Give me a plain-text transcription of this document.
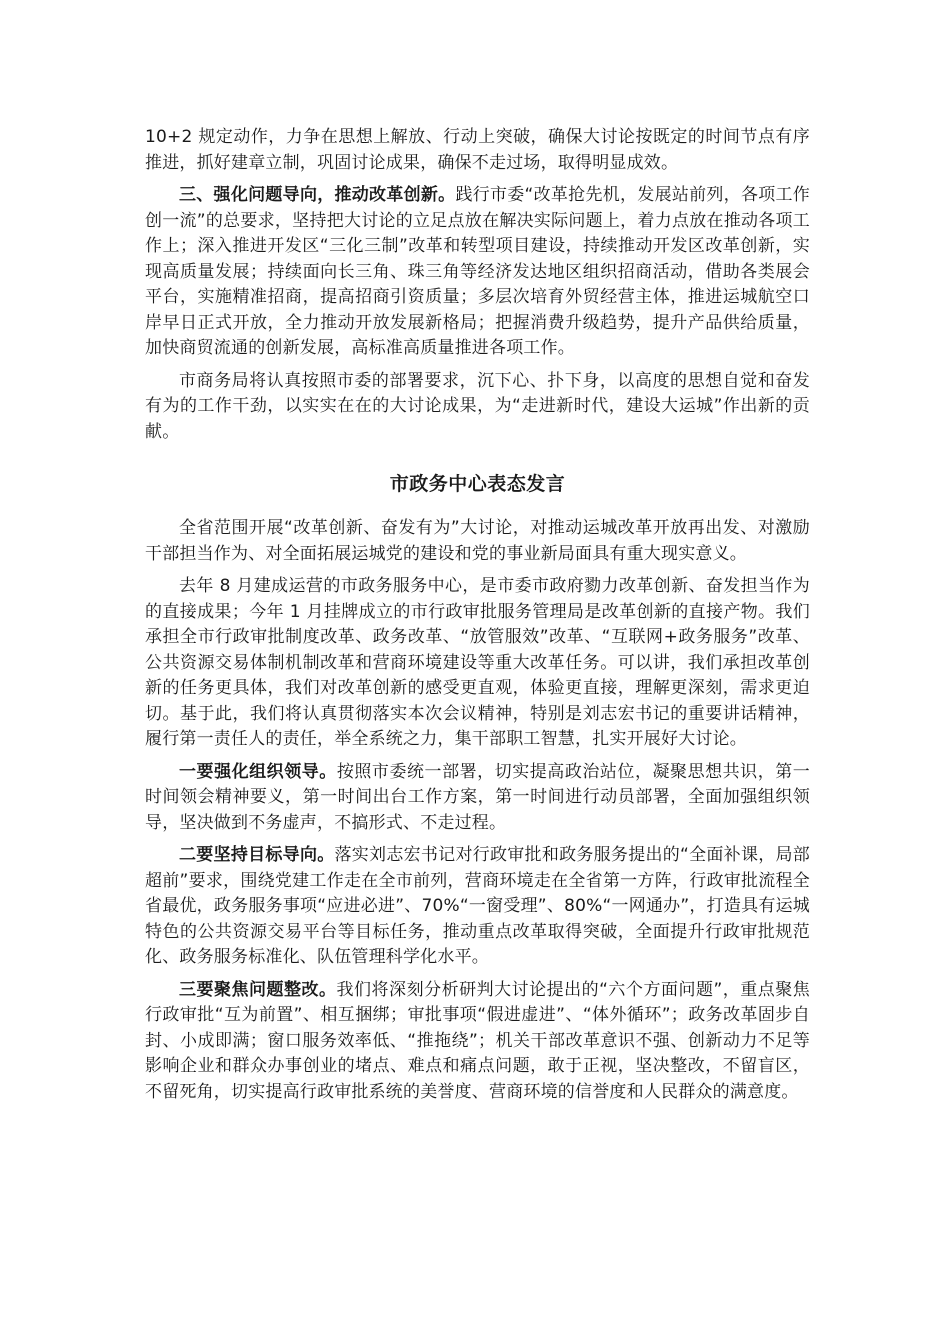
10+2 规定动作，力争在思想上解放、行动上突破，确保大讨论按既定的时间节点有序推进，抓好建章立制，巩固讨论成果，确保不走过场，取得明显成效。

三、强化问题导向，推动改革创新。践行市委“改革抢先机，发展站前列，各项工作创一流”的总要求，坚持把大讨论的立足点放在解决实际问题上，着力点放在推动各项工作上；深入推进开发区“三化三制”改革和转型项目建设，持续推动开发区改革创新，实现高质量发展；持续面向长三角、珠三角等经济发达地区组织招商活动，借助各类展会平台，实施精准招商，提高招商引资质量；多层次培育外贸经营主体，推进运城航空口岸早日正式开放，全力推动开放发展新格局；把握消费升级趋势，提升产品供给质量，加快商贸流通的创新发展，高标准高质量推进各项工作。

市商务局将认真按照市委的部署要求，沉下心、扑下身，以高度的思想自觉和奋发有为的工作干劲，以实实在在的大讨论成果，为“走进新时代，建设大运城”作出新的贡献。

市政务中心表态发言

全省范围开展“改革创新、奋发有为”大讨论，对推动运城改革开放再出发、对激励干部担当作为、对全面拓展运城党的建设和党的事业新局面具有重大现实意义。

去年 8 月建成运营的市政务服务中心，是市委市政府勠力改革创新、奋发担当作为的直接成果；今年 1 月挂牌成立的市行政审批服务管理局是改革创新的直接产物。我们承担全市行政审批制度改革、政务改革、“放管服效”改革、“互联网+政务服务”改革、公共资源交易体制机制改革和营商环境建设等重大改革任务。可以讲，我们承担改革创新的任务更具体，我们对改革创新的感受更直观，体验更直接，理解更深刻，需求更迫切。基于此，我们将认真贯彻落实本次会议精神，特别是刘志宏书记的重要讲话精神，履行第一责任人的责任，举全系统之力，集干部职工智慧，扎实开展好大讨论。

一要强化组织领导。按照市委统一部署，切实提高政治站位，凝聚思想共识，第一时间领会精神要义，第一时间出台工作方案，第一时间进行动员部署，全面加强组织领导，坚决做到不务虚声，不搞形式、不走过程。

二要坚持目标导向。落实刘志宏书记对行政审批和政务服务提出的“全面补课，局部超前”要求，围绕党建工作走在全市前列，营商环境走在全省第一方阵，行政审批流程全省最优，政务服务事项“应进必进”、70%“一窗受理”、80%“一网通办”，打造具有运城特色的公共资源交易平台等目标任务，推动重点改革取得突破，全面提升行政审批规范化、政务服务标准化、队伍管理科学化水平。

三要聚焦问题整改。我们将深刻分析研判大讨论提出的“六个方面问题”，重点聚焦行政审批“互为前置”、相互捆绑；审批事项“假进虚进”、“体外循环”；政务改革固步自封、小成即满；窗口服务效率低、“推拖绕”；机关干部改革意识不强、创新动力不足等影响企业和群众办事创业的堵点、难点和痛点问题，敢于正视，坚决整改，不留盲区，不留死角，切实提高行政审批系统的美誉度、营商环境的信誉度和人民群众的满意度。
